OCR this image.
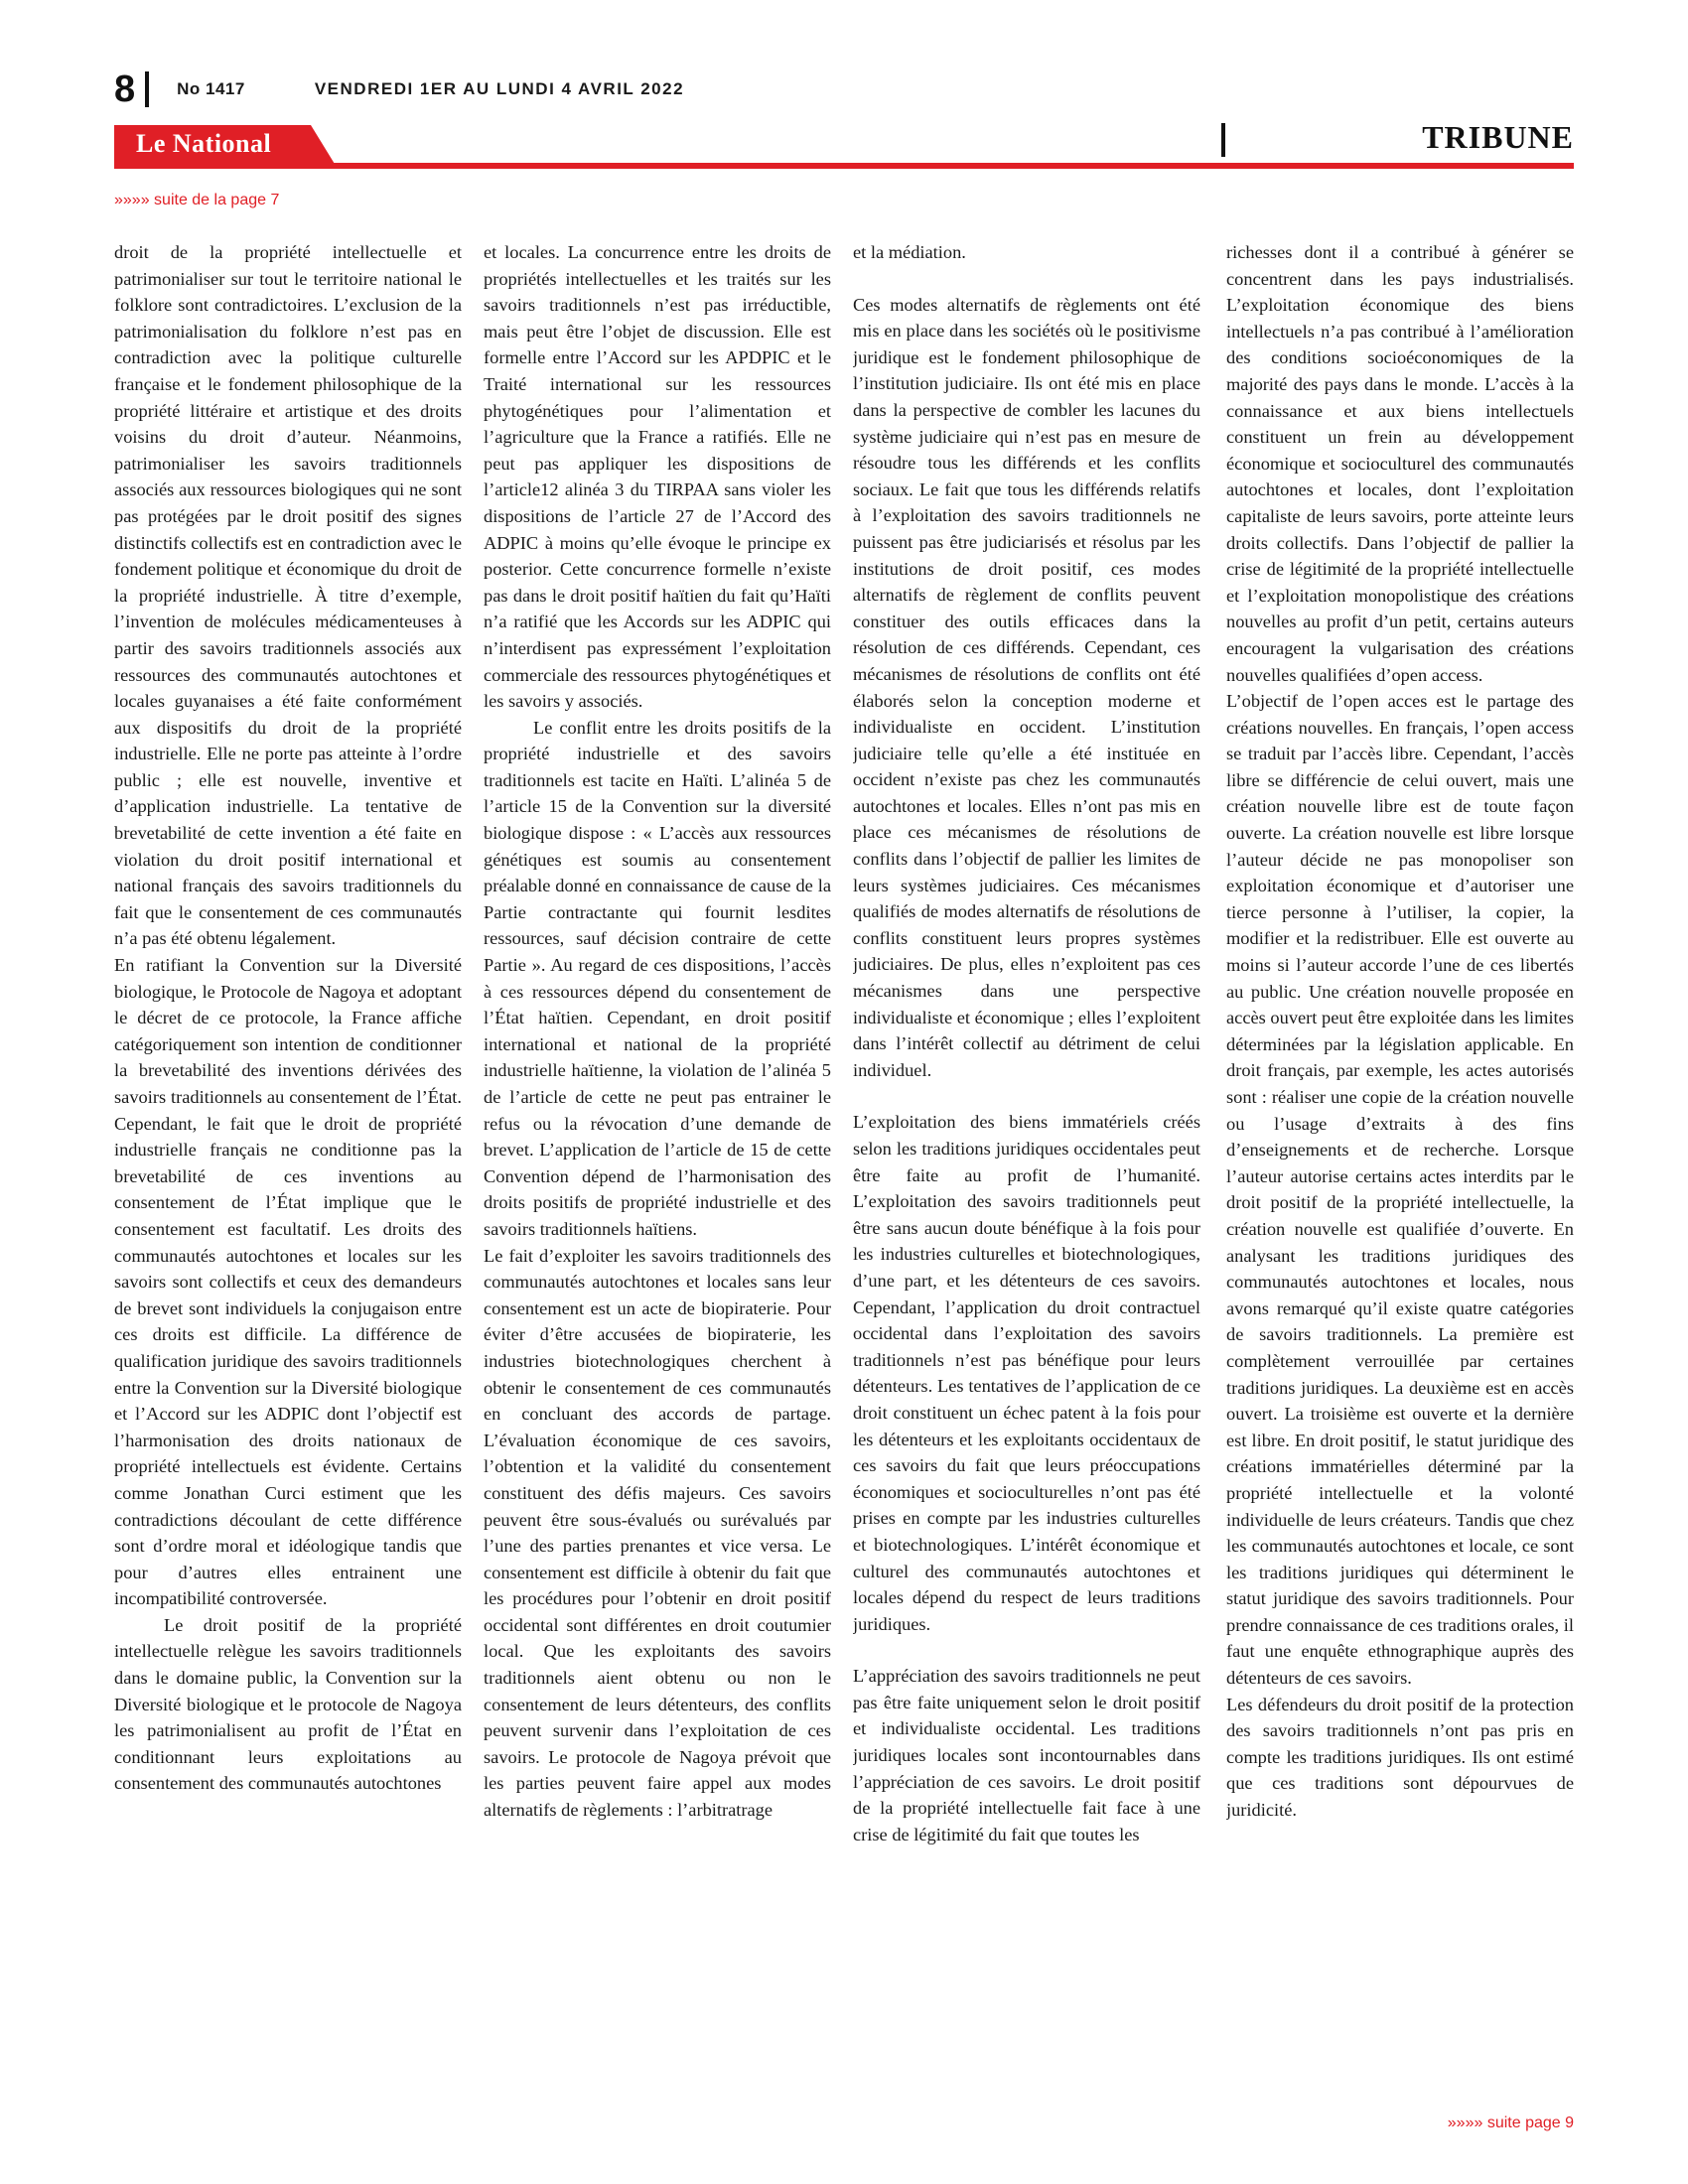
8	No 1417	VENDREDI 1ER AU LUNDI 4 AVRIL 2022
Le National	TRIBUNE
»»»» suite de la page 7

droit de la propriété intellectuelle et patrimonialiser sur tout le territoire national le folklore sont contradictoires. L’exclusion de la patrimonialisation du folklore n’est pas en contradiction avec la politique culturelle française et le fondement philosophique de la propriété littéraire et artistique et des droits voisins du droit d’auteur. Néanmoins, patrimonialiser les savoirs traditionnels associés aux ressources biologiques qui ne sont pas protégées par le droit positif des signes distinctifs collectifs est en contradiction avec le fondement politique et économique du droit de la propriété industrielle. À titre d’exemple, l’invention de molécules médicamenteuses à partir des savoirs traditionnels associés aux ressources des communautés autochtones et locales guyanaises a été faite conformément aux dispositifs du droit de la propriété industrielle. Elle ne porte pas atteinte à l’ordre public ; elle est nouvelle, inventive et d’application industrielle. La tentative de brevetabilité de cette invention a été faite en violation du droit positif international et national français des savoirs traditionnels du fait que le consentement de ces communautés n’a pas été obtenu légalement.

En ratifiant la Convention sur la Diversité biologique, le Protocole de Nagoya et adoptant le décret de ce protocole, la France affiche catégoriquement son intention de conditionner la brevetabilité des inventions dérivées des savoirs traditionnels au consentement de l’État. Cependant, le fait que le droit de propriété industrielle français ne conditionne pas la brevetabilité de ces inventions au consentement de l’État implique que le consentement est facultatif. Les droits des communautés autochtones et locales sur les savoirs sont collectifs et ceux des demandeurs de brevet sont individuels la conjugaison entre ces droits est difficile. La différence de qualification juridique des savoirs traditionnels entre la Convention sur la Diversité biologique et l’Accord sur les ADPIC dont l’objectif est l’harmonisation des droits nationaux de propriété intellectuels est évidente. Certains comme Jonathan Curci estiment que les contradictions découlant de cette différence sont d’ordre moral et idéologique tandis que pour d’autres elles entrainent une incompatibilité controversée.

Le droit positif de la propriété intellectuelle relègue les savoirs traditionnels dans le domaine public, la Convention sur la Diversité biologique et le protocole de Nagoya les patrimonialisent au profit de l’État en conditionnant leurs exploitations au consentement des communautés autochtones

et locales. La concurrence entre les droits de propriétés intellectuelles et les traités sur les savoirs traditionnels n’est pas irréductible, mais peut être l’objet de discussion. Elle est formelle entre l’Accord sur les APDPIC et le Traité international sur les ressources phytogénétiques pour l’alimentation et l’agriculture que la France a ratifiés. Elle ne peut pas appliquer les dispositions de l’article12 alinéa 3 du TIRPAA sans violer les dispositions de l’article 27 de l’Accord des ADPIC à moins qu’elle évoque le principe ex posterior. Cette concurrence formelle n’existe pas dans le droit positif haïtien du fait qu’Haïti n’a ratifié que les Accords sur les ADPIC qui n’interdisent pas expressément l’exploitation commerciale des ressources phytogénétiques et les savoirs y associés.

Le conflit entre les droits positifs de la propriété industrielle et des savoirs traditionnels est tacite en Haïti. L’alinéa 5 de l’article 15 de la Convention sur la diversité biologique dispose : « L’accès aux ressources génétiques est soumis au consentement préalable donné en connaissance de cause de la Partie contractante qui fournit lesdites ressources, sauf décision contraire de cette Partie ». Au regard de ces dispositions, l’accès à ces ressources dépend du consentement de l’État haïtien. Cependant, en droit positif international et national de la propriété industrielle haïtienne, la violation de l’alinéa 5 de l’article de cette ne peut pas entrainer le refus ou la révocation d’une demande de brevet. L’application de l’article de 15 de cette Convention dépend de l’harmonisation des droits positifs de propriété industrielle et des savoirs traditionnels haïtiens.

Le fait d’exploiter les savoirs traditionnels des communautés autochtones et locales sans leur consentement est un acte de biopiraterie. Pour éviter d’être accusées de biopiraterie, les industries biotechnologiques cherchent à obtenir le consentement de ces communautés en concluant des accords de partage. L’évaluation économique de ces savoirs, l’obtention et la validité du consentement constituent des défis majeurs. Ces savoirs peuvent être sous-évalués ou surévalués par l’une des parties prenantes et vice versa. Le consentement est difficile à obtenir du fait que les procédures pour l’obtenir en droit positif occidental sont différentes en droit coutumier local. Que les exploitants des savoirs traditionnels aient obtenu ou non le consentement de leurs détenteurs, des conflits peuvent survenir dans l’exploitation de ces savoirs. Le protocole de Nagoya prévoit que les parties peuvent faire appel aux modes alternatifs de règlements : l’arbitratrage

et la médiation.

Ces modes alternatifs de règlements ont été mis en place dans les sociétés où le positivisme juridique est le fondement philosophique de l’institution judiciaire. Ils ont été mis en place dans la perspective de combler les lacunes du système judiciaire qui n’est pas en mesure de résoudre tous les différends et les conflits sociaux. Le fait que tous les différends relatifs à l’exploitation des savoirs traditionnels ne puissent pas être judiciarisés et résolus par les institutions de droit positif, ces modes alternatifs de règlement de conflits peuvent constituer des outils efficaces dans la résolution de ces différends. Cependant, ces mécanismes de résolutions de conflits ont été élaborés selon la conception moderne et individualiste en occident. L’institution judiciaire telle qu’elle a été instituée en occident n’existe pas chez les communautés autochtones et locales. Elles n’ont pas mis en place ces mécanismes de résolutions de conflits dans l’objectif de pallier les limites de leurs systèmes judiciaires. Ces mécanismes qualifiés de modes alternatifs de résolutions de conflits constituent leurs propres systèmes judiciaires. De plus, elles n’exploitent pas ces mécanismes dans une perspective individualiste et économique ; elles l’exploitent dans l’intérêt collectif au détriment de celui individuel.

L’exploitation des biens immatériels créés selon les traditions juridiques occidentales peut être faite au profit de l’humanité. L’exploitation des savoirs traditionnels peut être sans aucun doute bénéfique à la fois pour les industries culturelles et biotechnologiques, d’une part, et les détenteurs de ces savoirs. Cependant, l’application du droit contractuel occidental dans l’exploitation des savoirs traditionnels n’est pas bénéfique pour leurs détenteurs. Les tentatives de l’application de ce droit constituent un échec patent à la fois pour les détenteurs et les exploitants occidentaux de ces savoirs du fait que leurs préoccupations économiques et socioculturelles n’ont pas été prises en compte par les industries culturelles et biotechnologiques. L’intérêt économique et culturel des communautés autochtones et locales dépend du respect de leurs traditions juridiques.

L’appréciation des savoirs traditionnels ne peut pas être faite uniquement selon le droit positif et individualiste occidental. Les traditions juridiques locales sont incontournables dans l’appréciation de ces savoirs. Le droit positif de la propriété intellectuelle fait face à une crise de légitimité du fait que toutes les

richesses dont il a contribué à générer se concentrent dans les pays industrialisés. L’exploitation économique des biens intellectuels n’a pas contribué à l’amélioration des conditions socioéconomiques de la majorité des pays dans le monde. L’accès à la connaissance et aux biens intellectuels constituent un frein au développement économique et socioculturel des communautés autochtones et locales, dont l’exploitation capitaliste de leurs savoirs, porte atteinte leurs droits collectifs. Dans l’objectif de pallier la crise de légitimité de la propriété intellectuelle et l’exploitation monopolistique des créations nouvelles au profit d’un petit, certains auteurs encouragent la vulgarisation des créations nouvelles qualifiées d’open access.

L’objectif de l’open acces est le partage des créations nouvelles. En français, l’open access se traduit par l’accès libre. Cependant, l’accès libre se différencie de celui ouvert, mais une création nouvelle libre est de toute façon ouverte. La création nouvelle est libre lorsque l’auteur décide ne pas monopoliser son exploitation économique et d’autoriser une tierce personne à l’utiliser, la copier, la modifier et la redistribuer. Elle est ouverte au moins si l’auteur accorde l’une de ces libertés au public. Une création nouvelle proposée en accès ouvert peut être exploitée dans les limites déterminées par la législation applicable. En droit français, par exemple, les actes autorisés sont : réaliser une copie de la création nouvelle ou l’usage d’extraits à des fins d’enseignements et de recherche. Lorsque l’auteur autorise certains actes interdits par le droit positif de la propriété intellectuelle, la création nouvelle est qualifiée d’ouverte. En analysant les traditions juridiques des communautés autochtones et locales, nous avons remarqué qu’il existe quatre catégories de savoirs traditionnels. La première est complètement verrouillée par certaines traditions juridiques. La deuxième est en accès ouvert. La troisième est ouverte et la dernière est libre. En droit positif, le statut juridique des créations immatérielles déterminé par la propriété intellectuelle et la volonté individuelle de leurs créateurs. Tandis que chez les communautés autochtones et locale, ce sont les traditions juridiques qui déterminent le statut juridique des savoirs traditionnels. Pour prendre connaissance de ces traditions orales, il faut une enquête ethnographique auprès des détenteurs de ces savoirs.

Les défendeurs du droit positif de la protection des savoirs traditionnels n’ont pas pris en compte les traditions juridiques. Ils ont estimé que ces traditions sont dépourvues de juridicité.

»»»» suite page 9
